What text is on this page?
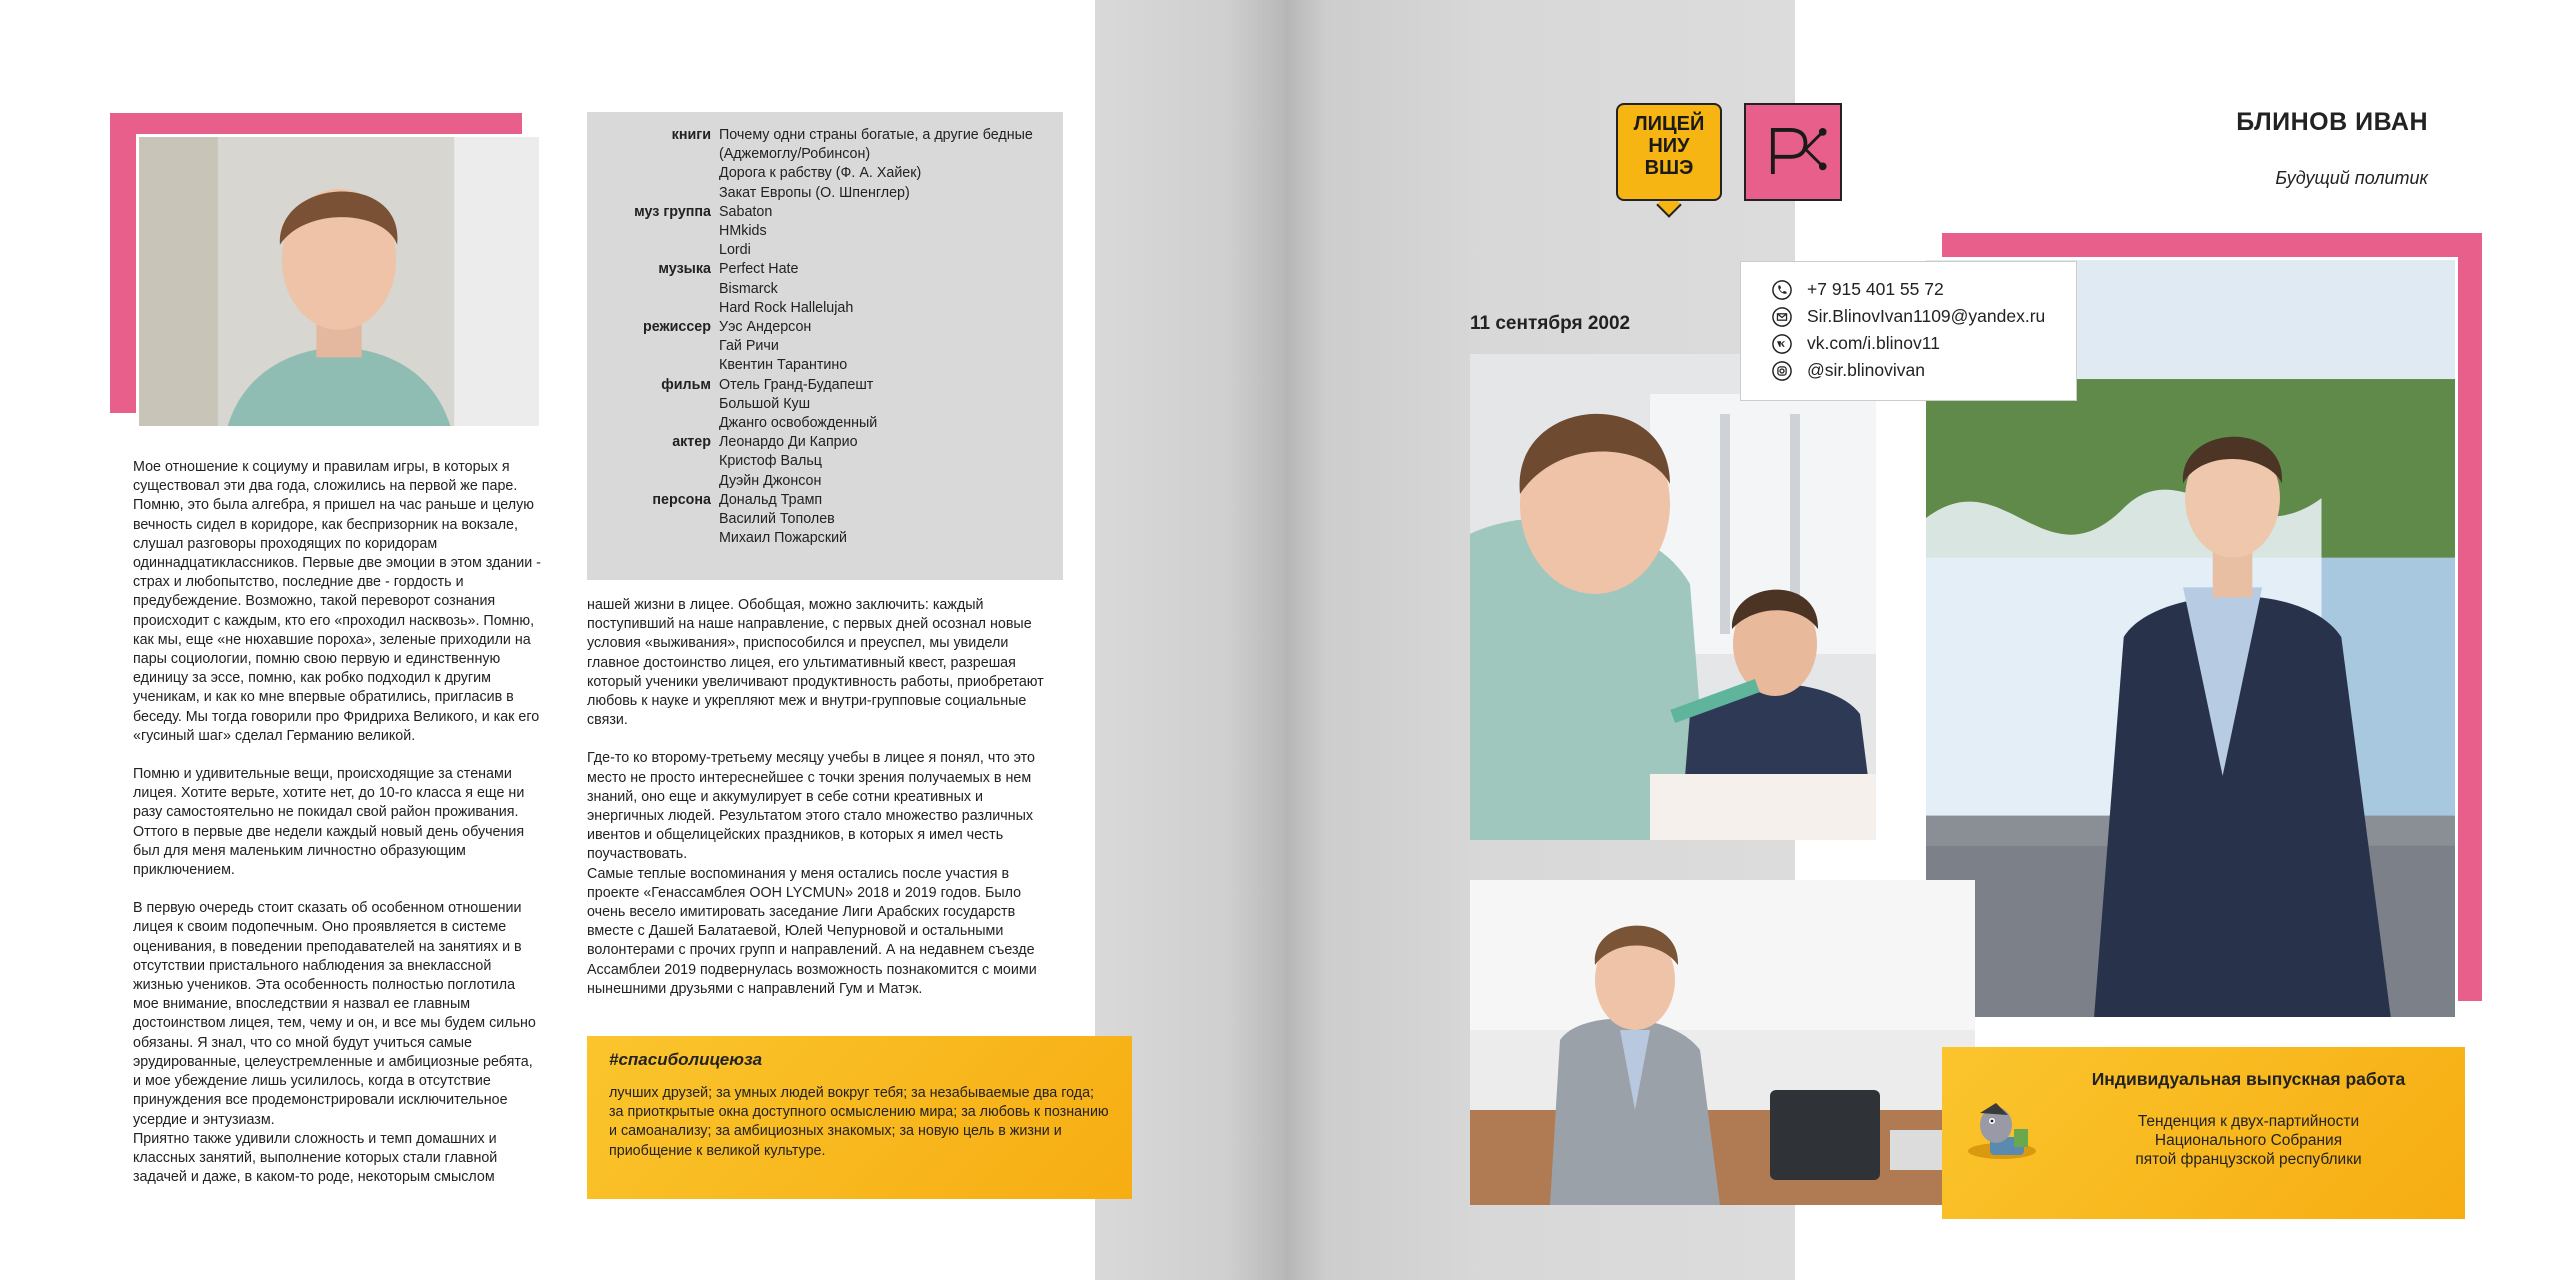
Мое отношение к социуму и правилам игры, в которых я существовал эти два года, сложились на первой же паре. Помню, это была алгебра, я пришел на час раньше и целую вечность сидел в коридоре, как беспризорник на вокзале, слушал разговоры проходящих по коридорам одиннадцатиклассников. Первые две эмоции в этом здании - страх и любопытство, последние две - гордость и предубеждение. Возможно, такой переворот сознания происходит с каждым, кто его «проходил насквозь». Помню, как мы, еще «не нюхавшие пороха», зеленые приходили на пары социологии, помню свою первую и единственную единицу за эссе, помню, как робко подходил к другим ученикам, и как ко мне впервые обратились, пригласив в беседу. Мы тогда говорили про Фридриха Великого, и как его «гусиный шаг» сделал Германию великой.

Помню и удивительные вещи, происходящие за стенами лицея. Хотите верьте, хотите нет, до 10-го класса я еще ни разу самостоятельно не покидал свой район проживания. Оттого в первые две недели каждый новый день обучения был для меня маленьким личностно образующим приключением.

В первую очередь стоит сказать об особенном отношении лицея к своим подопечным. Оно проявляется в системе оценивания, в поведении преподавателей на занятиях и в отсутствии пристального наблюдения за внеклассной жизнью учеников. Эта особенность полностью поглотила мое внимание, впоследствии я назвал ее главным достоинством лицея, тем, чему и он, и все мы будем сильно обязаны. Я знал, что со мной будут учиться самые эрудированные, целеустремленные и амбициозные ребята, и мое убеждение лишь усилилось, когда в отсутствие принуждения все продемонстрировали исключительное усердие и энтузиазм.

Приятно также удивили сложность и темп домашних и классных занятий, выполнение которых стали главной задачей и даже, в каком-то роде, некоторым смыслом

книги Почему одни страны богатые, а другие бедные
(Аджемоглу/Робинсон)
Дорога к рабству (Ф. А. Хайек)
Закат Европы (О. Шпенглер)
муз группа Sabaton
HMkids
Lordi
музыка Perfect Hate
Bismarck
Hard Rock Hallelujah
режиссер Уэс Андерсон
Гай Ричи
Квентин Тарантино
фильм Отель Гранд-Будапешт
Большой Куш
Джанго освобожденный
актер Леонардо Ди Каприо
Кристоф Вальц
Дуэйн Джонсон
персона Дональд Трамп
Василий Тополев
Михаил Пожарский

нашей жизни в лицее. Обобщая, можно заключить: каждый поступивший на наше направление, с первых дней осознал новые условия «выживания», приспособился и преуспел, мы увидели главное достоинство лицея, его ультимативный квест, разрешая который ученики увеличивают продуктивность работы, приобретают любовь к науке и укрепляют меж и внутри-групповые социальные связи.

Где-то ко второму-третьему месяцу учебы в лицее я понял, что это место не просто интереснейшее с точки зрения получаемых в нем знаний, оно еще и аккумулирует в себе сотни креативных и энергичных людей. Результатом этого стало множество различных ивентов и общелицейских праздников, в которых я имел честь поучаствовать.

Самые теплые воспоминания у меня остались после участия в проекте «Генассамблея ООН LYCMUN» 2018 и 2019 годов. Было очень весело имитировать заседание Лиги Арабских государств вместе с Дашей Балатаевой, Юлей Чепурновой и остальными волонтерами с прочих групп и направлений. А на недавнем съезде Ассамблеи 2019 подвернулась возможность познакомится с моими нынешними друзьями с направлений Гум и Матэк.

#спасиболицеюза
лучших друзей; за умных людей вокруг тебя; за незабываемые два года; за приоткрытые окна доступного осмыслению мира; за любовь к познанию и самоанализу; за амбициозных знакомых; за новую цель в жизни и приобщение к великой культуре.
ЛИЦЕЙ
НИУ
ВШЭ
БЛИНОВ ИВАН
Будущий политик
11 сентября 2002
+7 915 401 55 72
Sir.BlinovIvan1109@yandex.ru
vk.com/i.blinov11
@sir.blinovivan
Индивидуальная выпускная работа
Тенденция к двух-партийности
Национального Собрания
пятой французской республики
